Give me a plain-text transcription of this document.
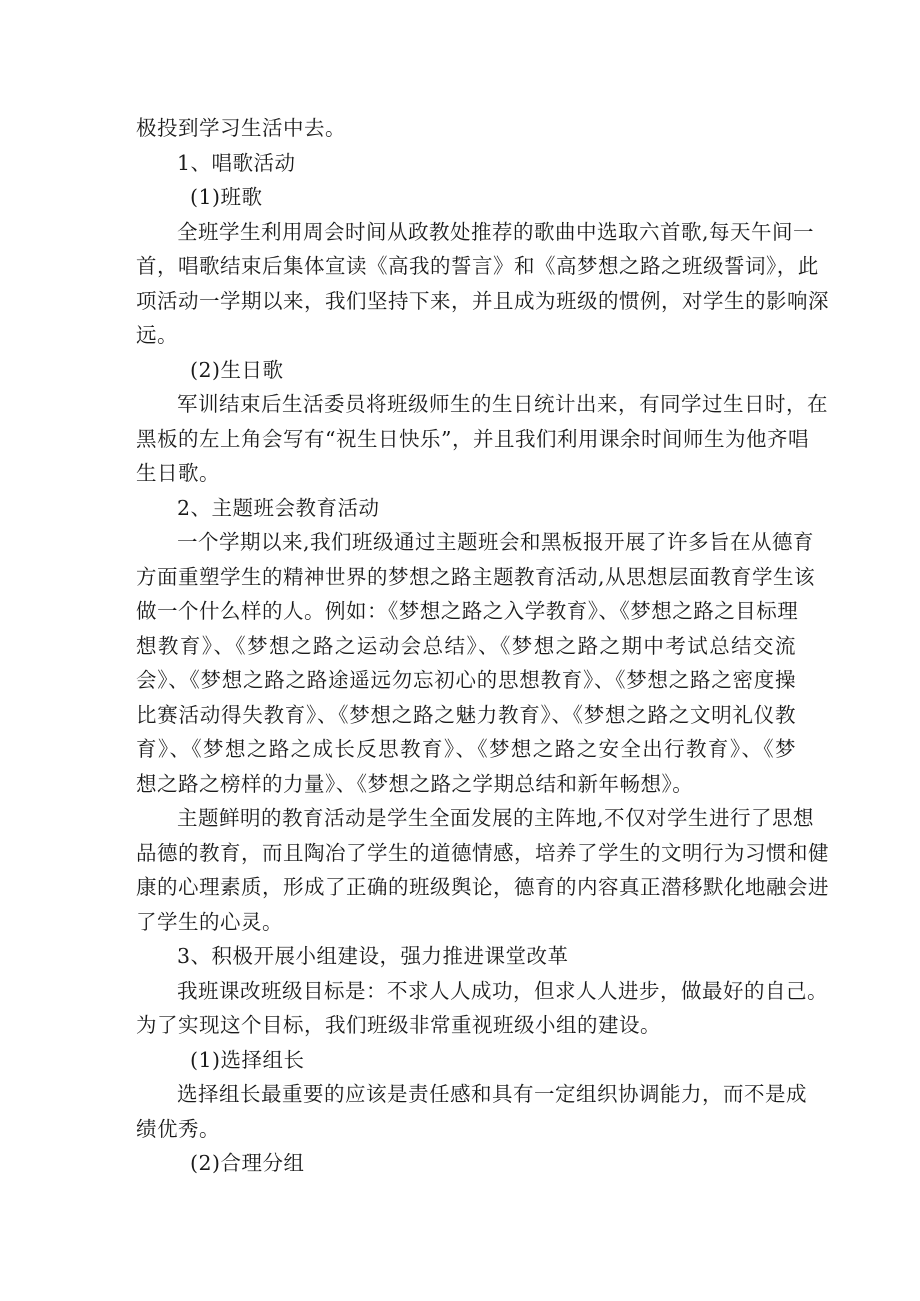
极投到学习生活中去。
1、唱歌活动
(1)班歌
全班学生利用周会时间从政教处推荐的歌曲中选取六首歌,每天午间一
首，唱歌结束后集体宣读《高我的誓言》和《高梦想之路之班级誓词》，此
项活动一学期以来，我们坚持下来，并且成为班级的惯例，对学生的影响深
远。
(2)生日歌
军训结束后生活委员将班级师生的生日统计出来，有同学过生日时，在
黑板的左上角会写有“祝生日快乐”，并且我们利用课余时间师生为他齐唱
生日歌。
2、主题班会教育活动
一个学期以来,我们班级通过主题班会和黑板报开展了许多旨在从德育
方面重塑学生的精神世界的梦想之路主题教育活动,从思想层面教育学生该
做一个什么样的人。例如：《梦想之路之入学教育》、《梦想之路之目标理
想教育》、《梦想之路之运动会总结》、《梦想之路之期中考试总结交流
会》、《梦想之路之路途遥远勿忘初心的思想教育》、《梦想之路之密度操
比赛活动得失教育》、《梦想之路之魅力教育》、《梦想之路之文明礼仪教
育》、《梦想之路之成长反思教育》、《梦想之路之安全出行教育》、《梦
想之路之榜样的力量》、《梦想之路之学期总结和新年畅想》。
主题鲜明的教育活动是学生全面发展的主阵地,不仅对学生进行了思想
品德的教育，而且陶冶了学生的道德情感，培养了学生的文明行为习惯和健
康的心理素质，形成了正确的班级舆论，德育的内容真正潜移默化地融会进
了学生的心灵。
3、积极开展小组建设，强力推进课堂改革
我班课改班级目标是：不求人人成功，但求人人进步，做最好的自己。
为了实现这个目标，我们班级非常重视班级小组的建设。
(1)选择组长
选择组长最重要的应该是责任感和具有一定组织协调能力，而不是成
绩优秀。
(2)合理分组
